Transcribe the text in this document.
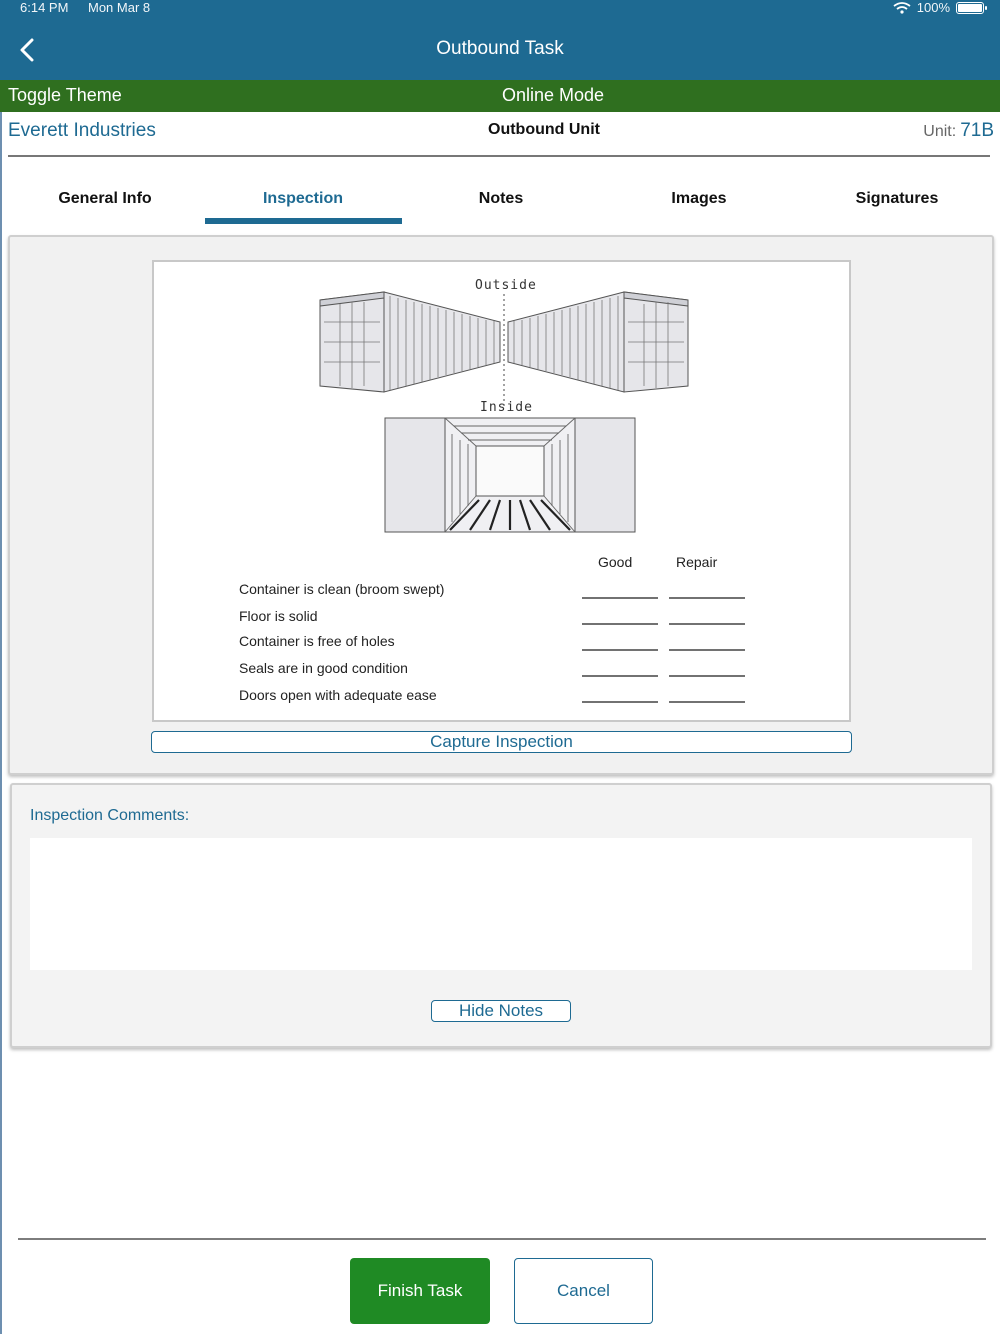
6:14 PM Mon Mar 8	100%
Outbound Task
Toggle Theme	Online Mode
Everett Industries	Outbound Unit	Unit: 71B
General Info	Inspection	Notes	Images	Signatures
Outside
Inside
Good	Repair
Container is clean (broom swept)
Floor is solid
Container is free of holes
Seals are in good condition
Doors open with adequate ease
Capture Inspection
Inspection Comments:
Hide Notes
Finish Task	Cancel
